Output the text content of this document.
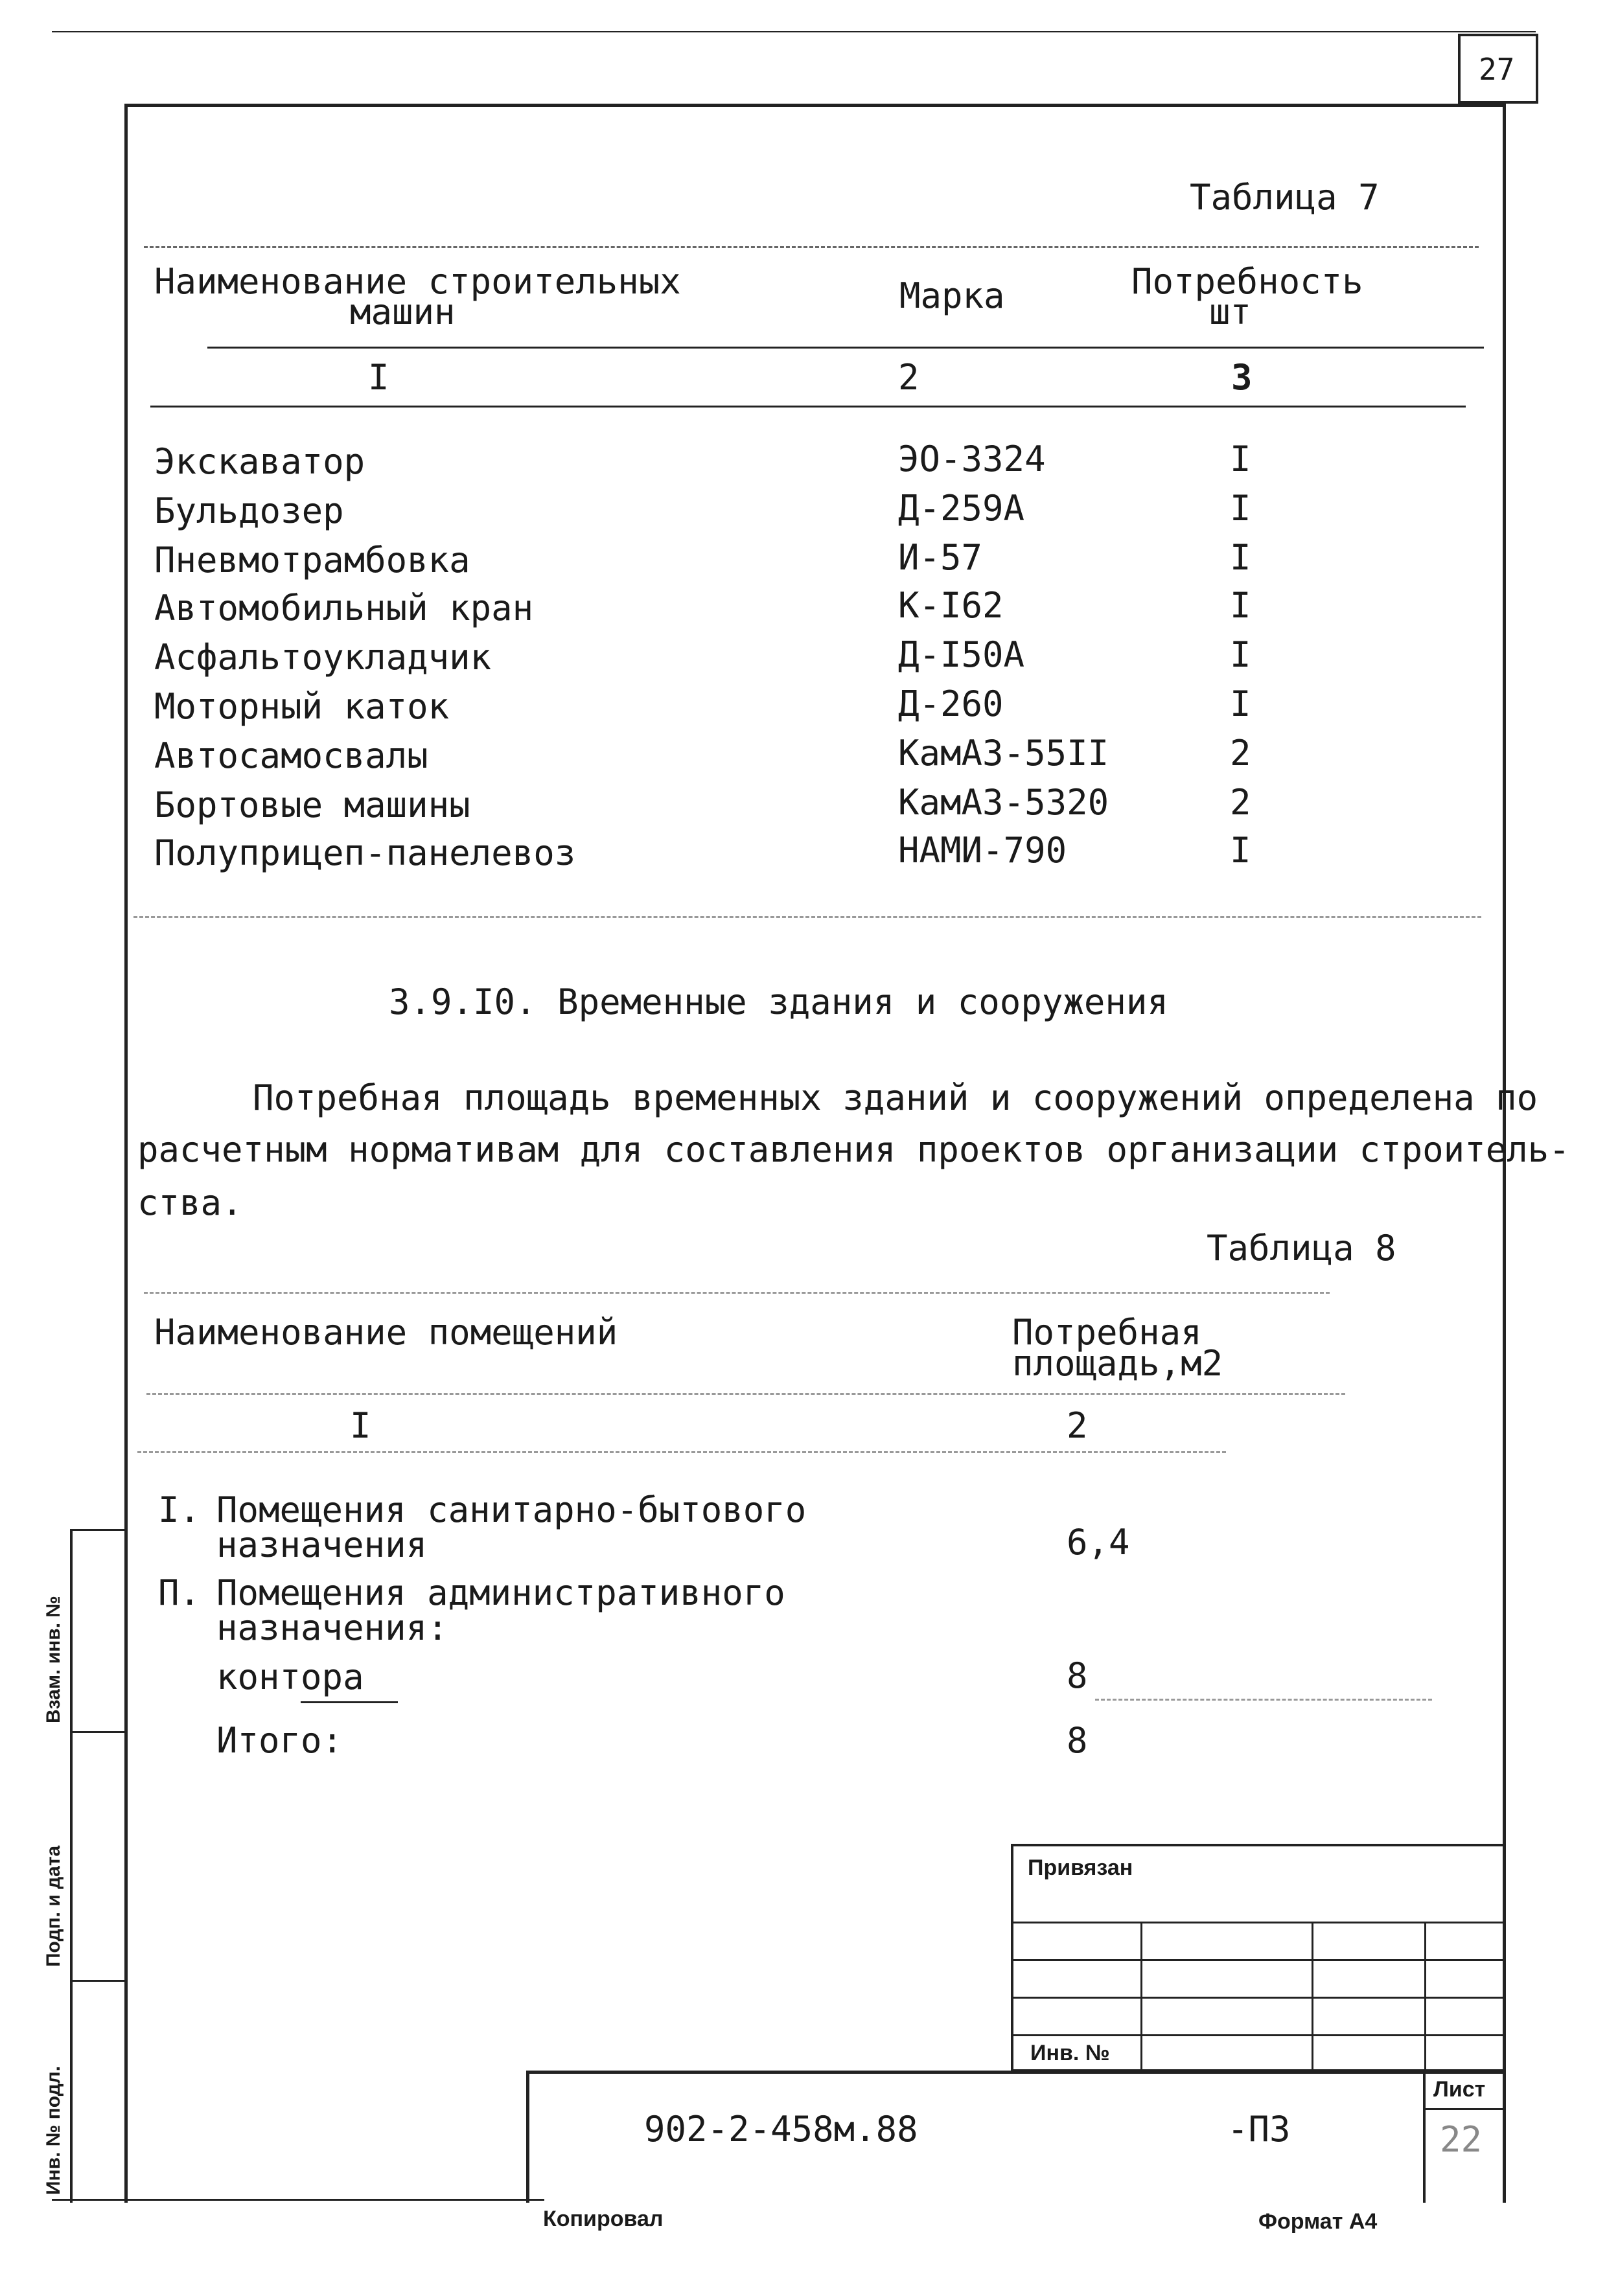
27
Таблица 7
Наименование строительных
машин	Марка	Потребность
шт
I	2	3
Экскаватор	ЭО-3324	I
Бульдозер	Д-259А	I
Пневмотрамбовка	И-57	I
Автомобильный кран	К-I62	I
Асфальтоукладчик	Д-I50А	I
Моторный каток	Д-260	I
Автосамосвалы	КамАЗ-55II	2
Бортовые машины	КамАЗ-5320	2
Полуприцеп-панелевоз	НАМИ-790	I
3.9.I0. Временные здания и сооружения
Потребная площадь временных зданий и сооружений определена по
расчетным нормативам для составления проектов организации строитель-
ства.
Таблица 8
Наименование помещений	Потребная
площадь,м2
I	2
I. Помещения санитарно-бытового
назначения	6,4
П. Помещения административного
назначения:
контора	8
Итого:	8
Взам. инв. №
Подп. и дата
Инв. № подл.
Привязан
Инв. №
Лист
22
902-2-458м.88	-ПЗ
Копировал	Формат А4
